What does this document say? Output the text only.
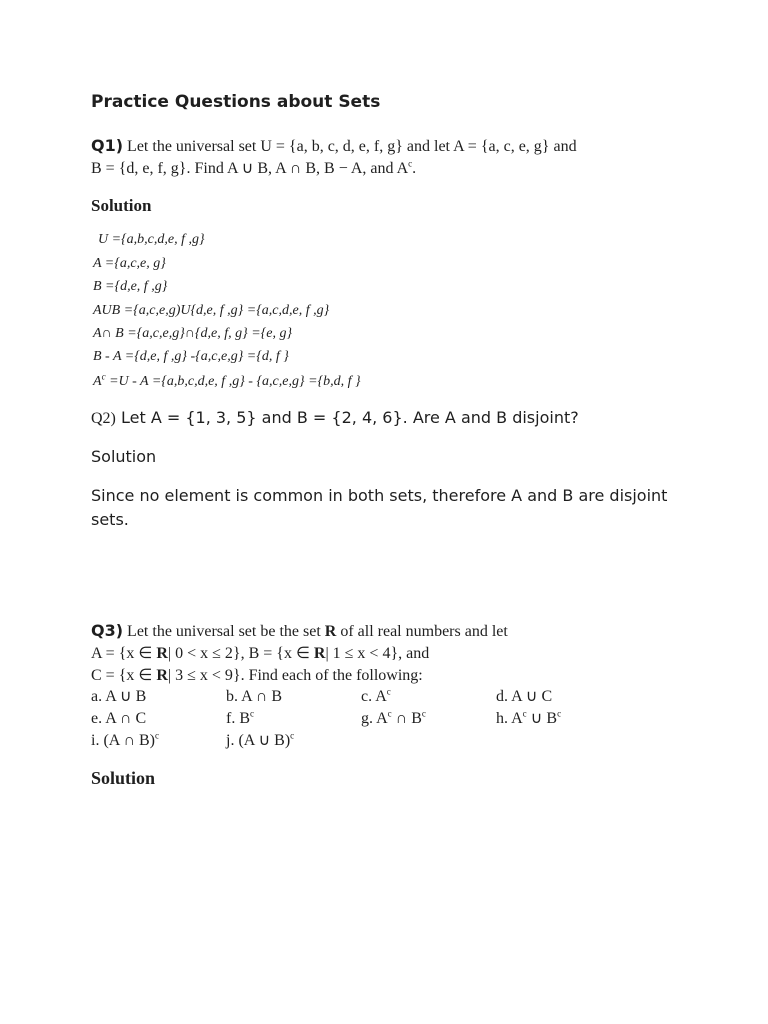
Practice Questions about Sets
Q1) Let the universal set U = {a, b, c, d, e, f, g} and let A = {a, c, e, g} and
B = {d, e, f, g}. Find A ∪ B, A ∩ B, B − A, and $A^c$.
Solution
U ={a,b,c,d,e, f ,g}
A ={a,c,e, g}
B ={d,e, f ,g}
AUB ={a,c,e,g)U{d,e, f ,g} ={a,c,d,e, f ,g}
A∩ B ={a,c,e,g}∩{d,e, f, g} ={e, g}
B - A ={d,e, f ,g} -{a,c,e,g} ={d, f }
$A^c =U - A =\{a,b,c,d,e$, f ,g} - {a,c,e,g} ={b,d, f }
Q2) Let A = {1, 3, 5} and B = {2, 4, 6}. Are A and B disjoint?
Solution
Since no element is common in both sets, therefore A and B are disjoint sets.
Q3) Let the universal set be the set R of all real numbers and let
A = {x ∈ R| 0 < x ≤ 2}, B = {x ∈ R| 1 ≤ x < 4}, and
C = {x ∈ R| 3 ≤ x < 9}. Find each of the following:
a. A ∪ B	b. A ∩ B	c. $A^c$	d. A ∪ C
e. A ∩ C	f. $B^c$	g. $A^c$ ∩ $B^c$	h. $A^c$ ∪ $B^c$
i. (A ∩ B)$^c$	j. (A ∪ B)$^c$
Solution
